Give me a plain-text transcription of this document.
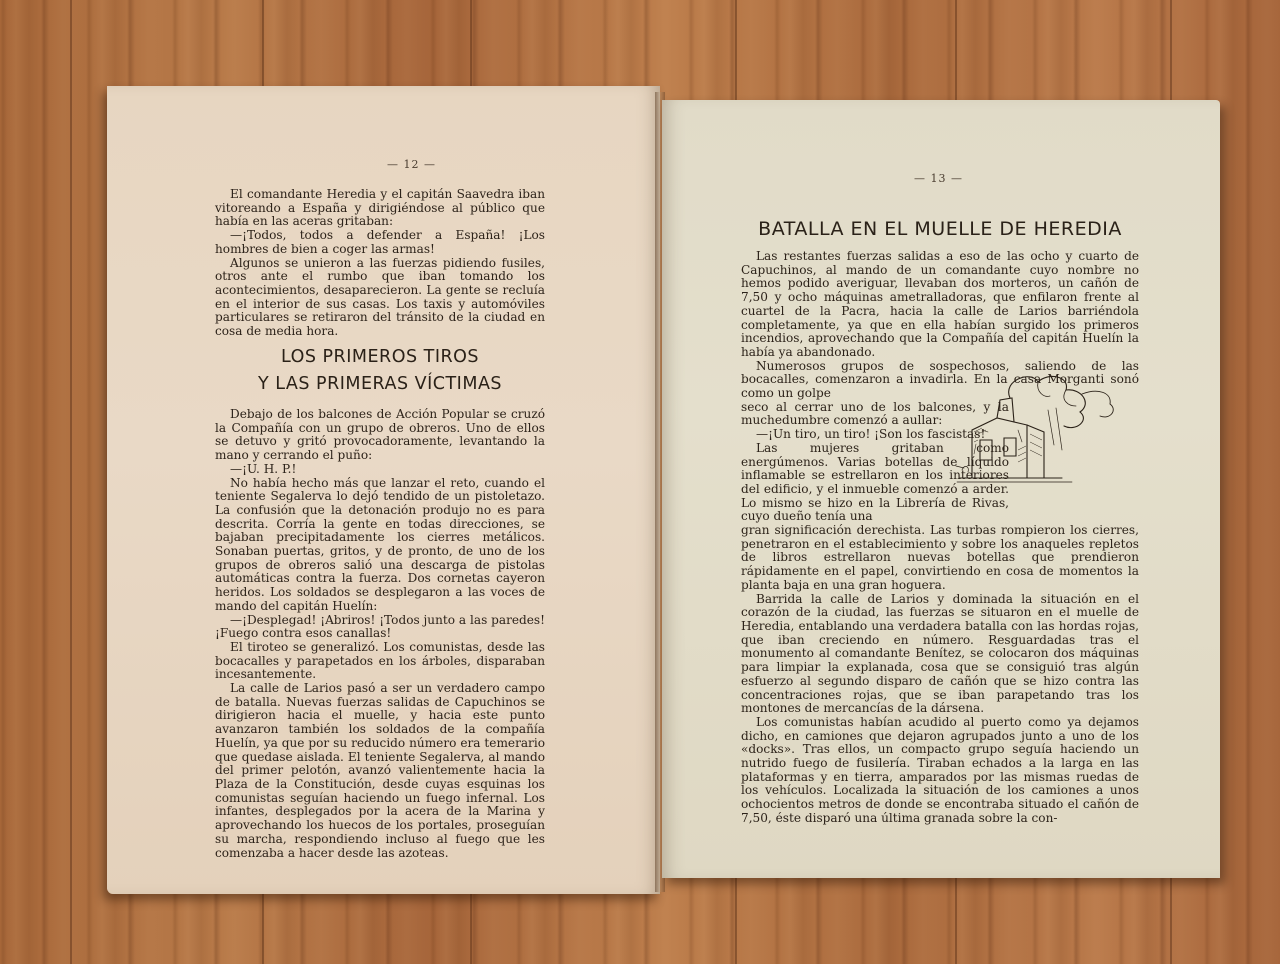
— 12 —

El comandante Heredia y el capitán Saavedra iban vitoreando a España y dirigiéndose al público que había en las aceras gritaban:

—¡Todos, todos a defender a España! ¡Los hombres de bien a coger las armas!

Algunos se unieron a las fuerzas pidiendo fusiles, otros ante el rumbo que iban tomando los acontecimientos, desaparecieron. La gente se recluía en el interior de sus casas. Los taxis y automóviles particulares se retiraron del tránsito de la ciudad en cosa de media hora.

LOS PRIMEROS TIROS
Y LAS PRIMERAS VÍCTIMAS

Debajo de los balcones de Acción Popular se cruzó la Compañía con un grupo de obreros. Uno de ellos se detuvo y gritó provocadoramente, levantando la mano y cerrando el puño:

—¡U. H. P.!

No había hecho más que lanzar el reto, cuando el teniente Segalerva lo dejó tendido de un pistoletazo. La confusión que la detonación produjo no es para descrita. Corría la gente en todas direcciones, se bajaban precipitadamente los cierres metálicos. Sonaban puertas, gritos, y de pronto, de uno de los grupos de obreros salió una descarga de pistolas automáticas contra la fuerza. Dos cornetas cayeron heridos. Los soldados se desplegaron a las voces de mando del capitán Huelín:

—¡Desplegad! ¡Abriros! ¡Todos junto a las paredes! ¡Fuego contra esos canallas!

El tiroteo se generalizó. Los comunistas, desde las bocacalles y parapetados en los árboles, disparaban incesantemente.

La calle de Larios pasó a ser un verdadero campo de batalla. Nuevas fuerzas salidas de Capuchinos se dirigieron hacia el muelle, y hacia este punto avanzaron también los soldados de la compañía Huelín, ya que por su reducido número era temerario que quedase aislada. El teniente Segalerva, al mando del primer pelotón, avanzó valientemente hacia la Plaza de la Constitución, desde cuyas esquinas los comunistas seguían haciendo un fuego infernal. Los infantes, desplegados por la acera de la Marina y aprovechando los huecos de los portales, proseguían su marcha, respondiendo incluso al fuego que les comenzaba a hacer desde las azoteas.

— 13 —
BATALLA EN EL MUELLE DE HEREDIA

Las restantes fuerzas salidas a eso de las ocho y cuarto de Capuchinos, al mando de un comandante cuyo nombre no hemos podido averiguar, llevaban dos morteros, un cañón de 7,50 y ocho máquinas ametralladoras, que enfilaron frente al cuartel de la Pacra, hacia la calle de Larios barriéndola completamente, ya que en ella habían surgido los primeros incendios, aprovechando que la Compañía del capitán Huelín la había ya abandonado.

Numerosos grupos de sospechosos, saliendo de las bocacalles, comenzaron a invadirla. En la casa Morganti sonó como un golpe

seco al cerrar uno de los balcones, y la muchedumbre comenzó a aullar:

—¡Un tiro, un tiro! ¡Son los fascistas!

Las mujeres gritaban como energúmenos. Varias botellas de líquido inflamable se estrellaron en los interiores del edificio, y el inmueble comenzó a arder. Lo mismo se hizo en la Librería de Rivas, cuyo dueño tenía una

gran significación derechista. Las turbas rompieron los cierres, penetraron en el establecimiento y sobre los anaqueles repletos de libros estrellaron nuevas botellas que prendieron rápidamente en el papel, convirtiendo en cosa de momentos la planta baja en una gran hoguera.

Barrida la calle de Larios y dominada la situación en el corazón de la ciudad, las fuerzas se situaron en el muelle de Heredia, entablando una verdadera batalla con las hordas rojas, que iban creciendo en número. Resguardadas tras el monumento al comandante Benítez, se colocaron dos máquinas para limpiar la explanada, cosa que se consiguió tras algún esfuerzo al segundo disparo de cañón que se hizo contra las concentraciones rojas, que se iban parapetando tras los montones de mercancías de la dársena.

Los comunistas habían acudido al puerto como ya dejamos dicho, en camiones que dejaron agrupados junto a uno de los «docks». Tras ellos, un compacto grupo seguía haciendo un nutrido fuego de fusilería. Tiraban echados a la larga en las plataformas y en tierra, amparados por las mismas ruedas de los vehículos. Localizada la situación de los camiones a unos ochocientos metros de donde se encontraba situado el cañón de 7,50, éste disparó una última granada sobre la con-
